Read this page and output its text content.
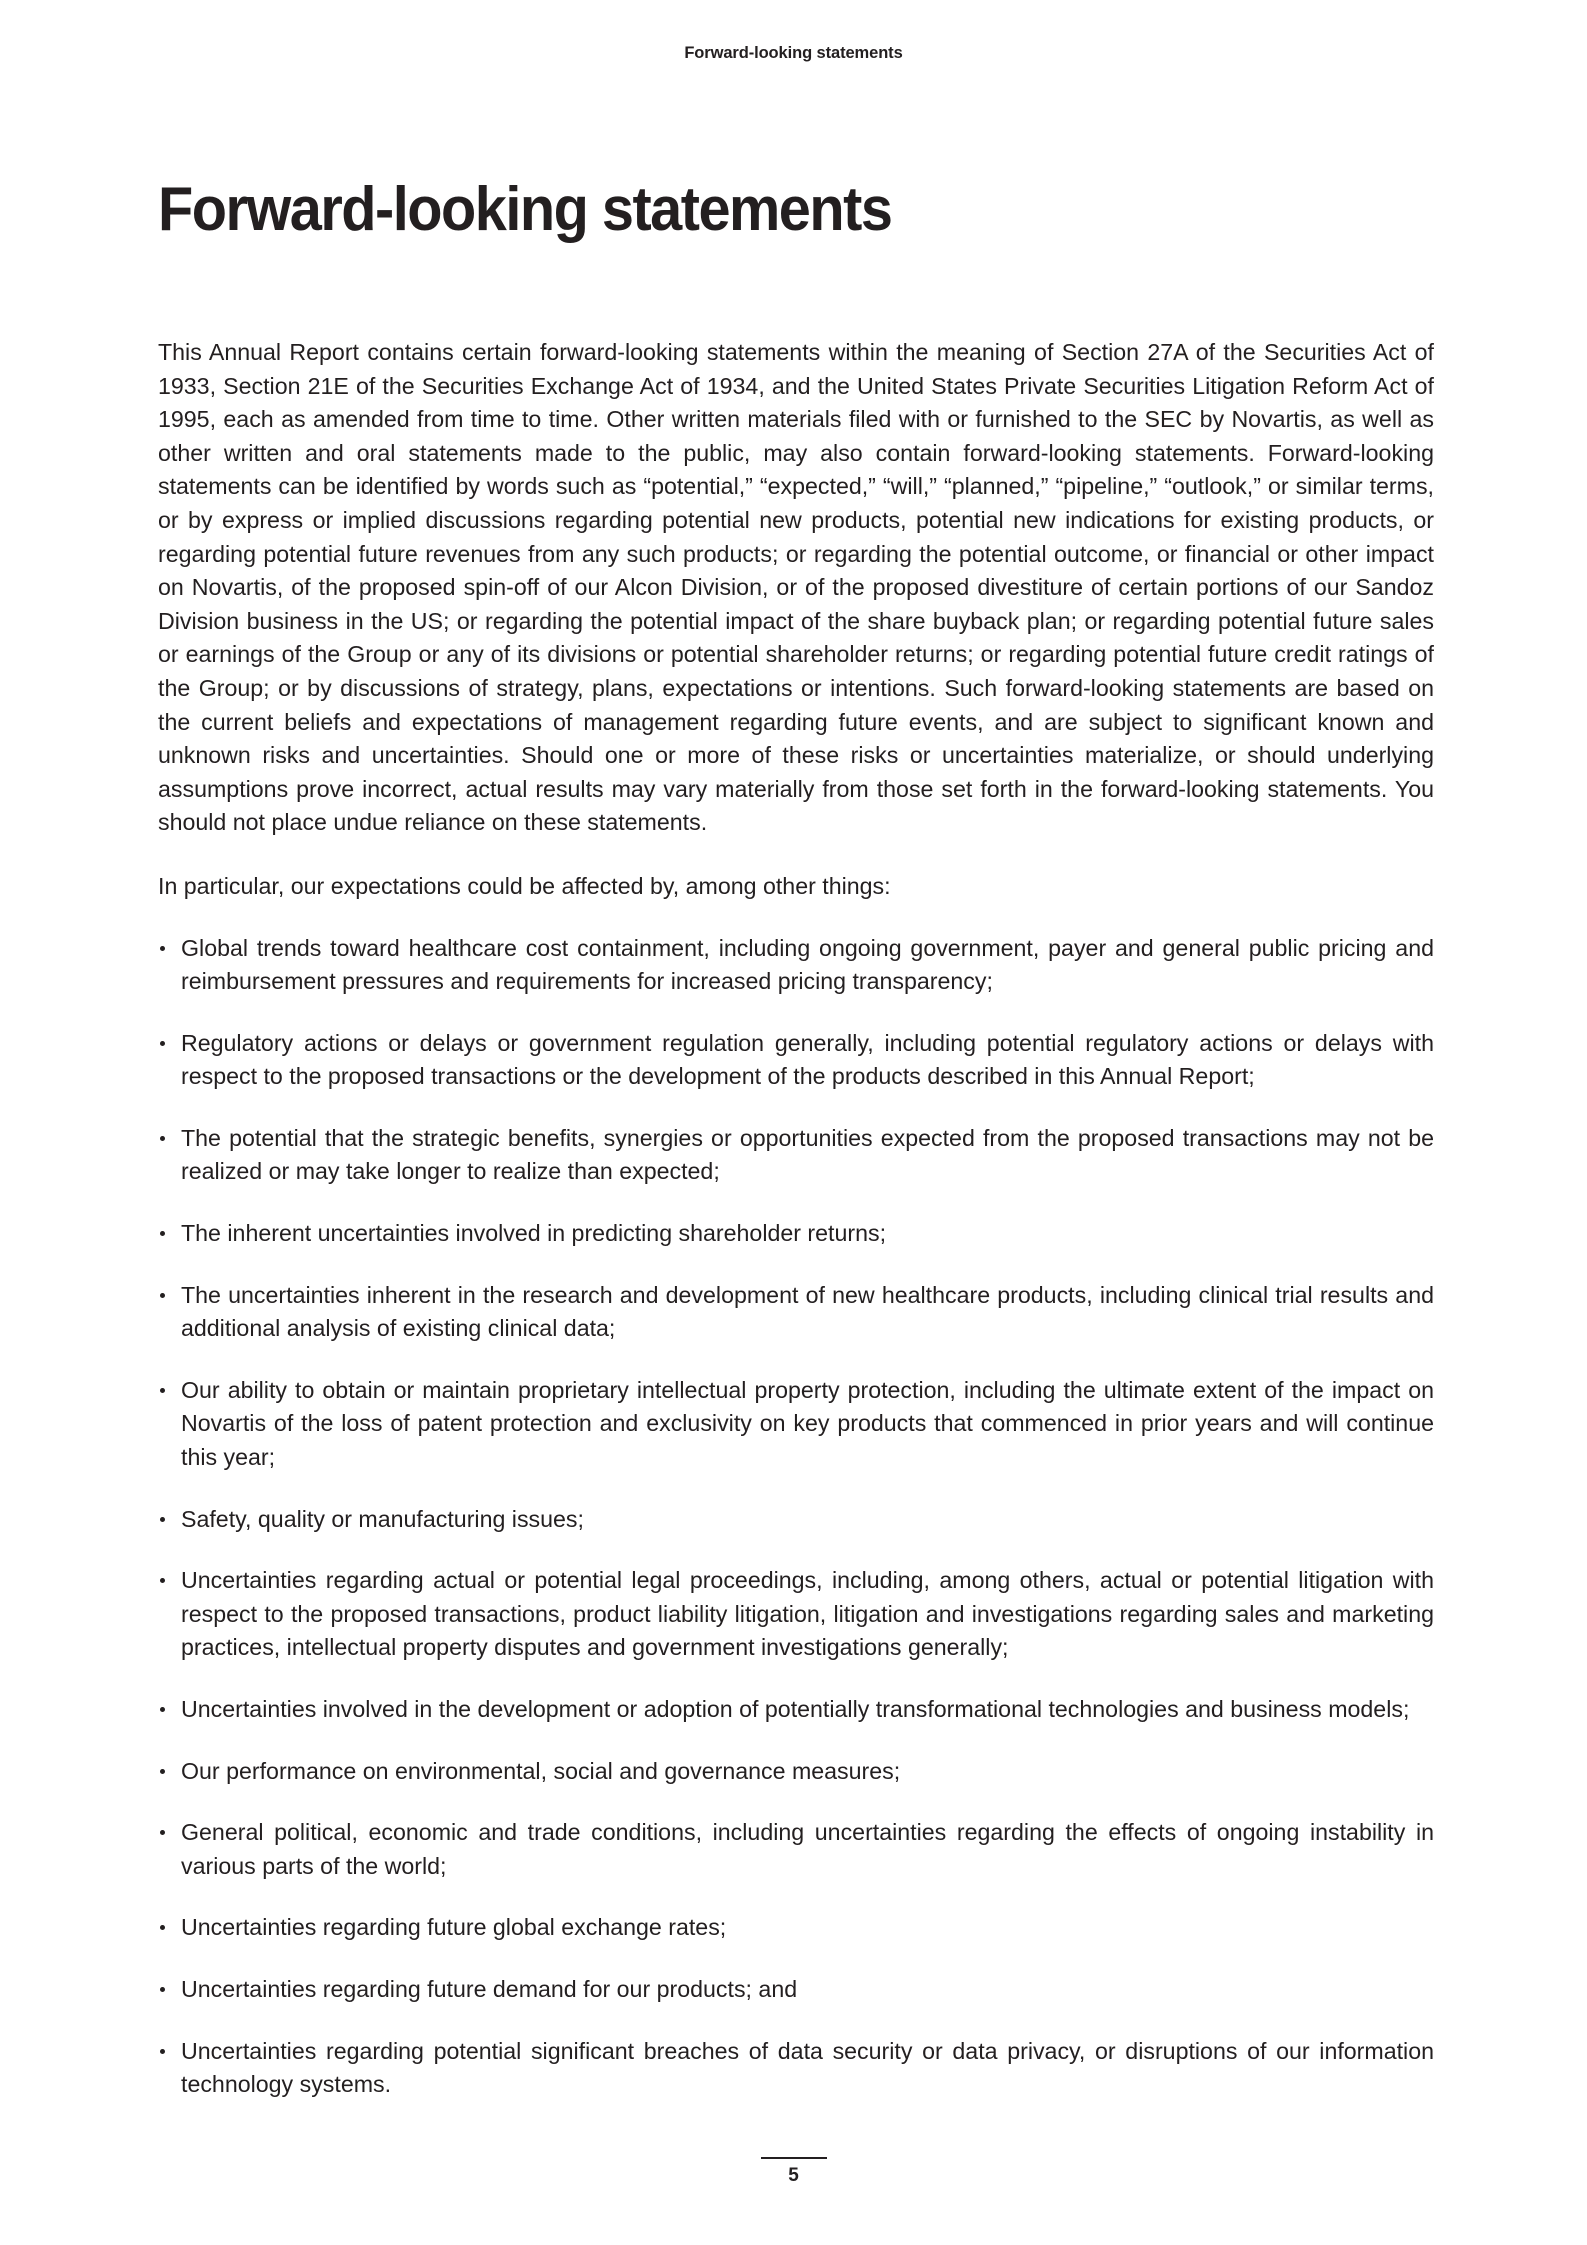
Forward-looking statements
Forward-looking statements

This Annual Report contains certain forward-looking statements within the meaning of Section 27A of the Securities Act of 1933, Section 21E of the Securities Exchange Act of 1934, and the United States Private Securities Litigation Reform Act of 1995, each as amended from time to time. Other written materials filed with or furnished to the SEC by Novartis, as well as other written and oral statements made to the public, may also contain forward-looking statements. Forward-looking statements can be identified by words such as “potential,” “expected,” “will,” “planned,” “pipeline,” “outlook,” or similar terms, or by express or implied discussions regarding potential new products, potential new indications for existing products, or regarding potential future revenues from any such products; or regarding the potential outcome, or financial or other impact on Novartis, of the proposed spin-off of our Alcon Division, or of the proposed divestiture of certain portions of our Sandoz Division business in the US; or regarding the potential impact of the share buyback plan; or regarding potential future sales or earnings of the Group or any of its divisions or potential shareholder returns; or regarding potential future credit ratings of the Group; or by discussions of strategy, plans, expectations or intentions. Such forward-looking statements are based on the current beliefs and expectations of management regarding future events, and are subject to significant known and unknown risks and uncertainties. Should one or more of these risks or uncertainties materialize, or should underlying assumptions prove incorrect, actual results may vary materially from those set forth in the forward-looking statements. You should not place undue reliance on these statements.

In particular, our expectations could be affected by, among other things:

Global trends toward healthcare cost containment, including ongoing government, payer and general public pricing and reimbursement pressures and requirements for increased pricing transparency;
Regulatory actions or delays or government regulation generally, including potential regulatory actions or delays with respect to the proposed transactions or the development of the products described in this Annual Report;
The potential that the strategic benefits, synergies or opportunities expected from the proposed transactions may not be realized or may take longer to realize than expected;
The inherent uncertainties involved in predicting shareholder returns;
The uncertainties inherent in the research and development of new healthcare products, including clinical trial results and additional analysis of existing clinical data;
Our ability to obtain or maintain proprietary intellectual property protection, including the ultimate extent of the impact on Novartis of the loss of patent protection and exclusivity on key products that commenced in prior years and will continue this year;
Safety, quality or manufacturing issues;
Uncertainties regarding actual or potential legal proceedings, including, among others, actual or potential litigation with respect to the proposed transactions, product liability litigation, litigation and investigations regarding sales and marketing practices, intellectual property disputes and government investigations generally;
Uncertainties involved in the development or adoption of potentially transformational technologies and business models;
Our performance on environmental, social and governance measures;
General political, economic and trade conditions, including uncertainties regarding the effects of ongoing instability in various parts of the world;
Uncertainties regarding future global exchange rates;
Uncertainties regarding future demand for our products; and
Uncertainties regarding potential significant breaches of data security or data privacy, or disruptions of our information technology systems.
5
